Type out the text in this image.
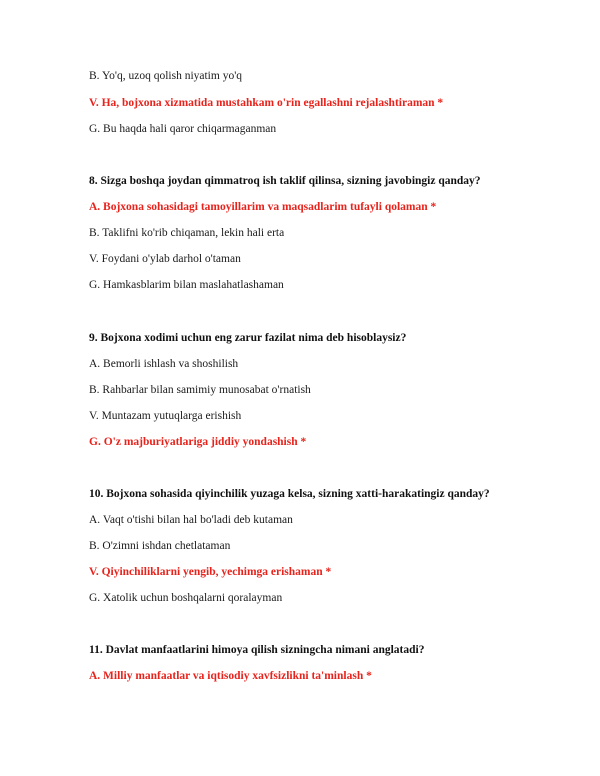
B. Yo'q, uzoq qolish niyatim yo'q
V. Ha, bojxona xizmatida mustahkam o'rin egallashni rejalashtiraman *
G. Bu haqda hali qaror chiqarmaganman
8. Sizga boshqa joydan qimmatroq ish taklif qilinsa, sizning javobingiz qanday?
A. Bojxona sohasidagi tamoyillarim va maqsadlarim tufayli qolaman *
B. Taklifni ko'rib chiqaman, lekin hali erta
V. Foydani o'ylab darhol o'taman
G. Hamkasblarim bilan maslahatlashaman
9. Bojxona xodimi uchun eng zarur fazilat nima deb hisoblaysiz?
A. Bemorli ishlash va shoshilish
B. Rahbarlar bilan samimiy munosabat o'rnatish
V. Muntazam yutuqlarga erishish
G. O'z majburiyatlariga jiddiy yondashish *
10. Bojxona sohasida qiyinchilik yuzaga kelsa, sizning xatti-harakatingiz qanday?
A. Vaqt o'tishi bilan hal bo'ladi deb kutaman
B. O'zimni ishdan chetlataman
V. Qiyinchiliklarni yengib, yechimga erishaman *
G. Xatolik uchun boshqalarni qoralayman
11. Davlat manfaatlarini himoya qilish sizningcha nimani anglatadi?
A. Milliy manfaatlar va iqtisodiy xavfsizlikni ta'minlash *
